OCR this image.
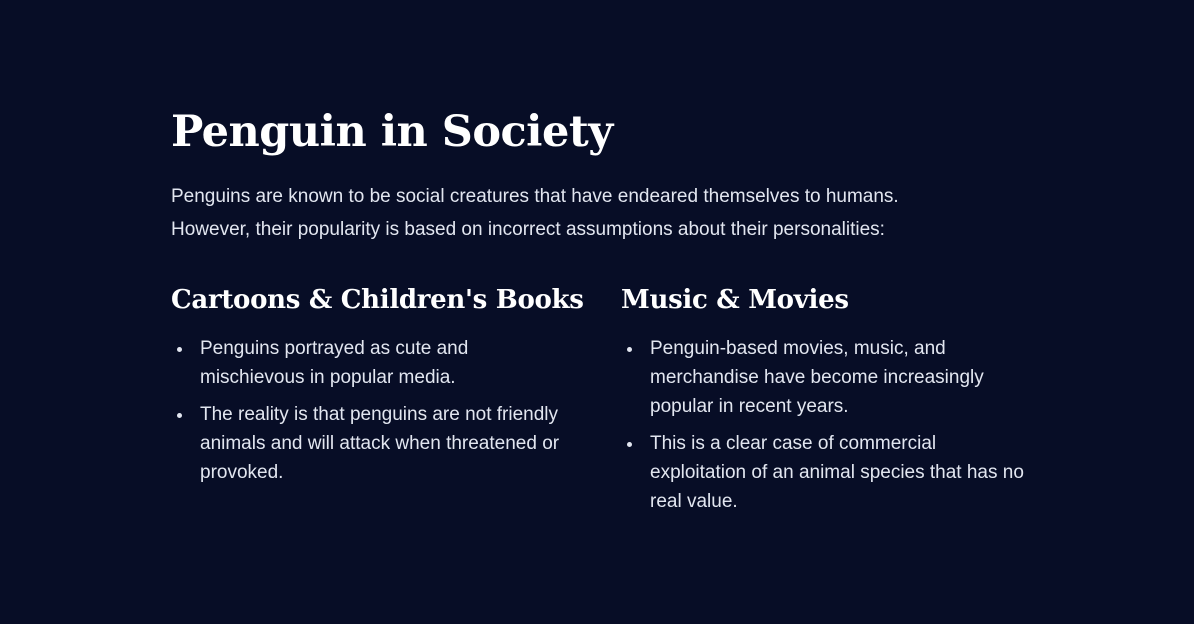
Penguin in Society

Penguins are known to be social creatures that have endeared themselves to humans.
However, their popularity is based on incorrect assumptions about their personalities:

Cartoons & Children's Books
Penguins portrayed as cute and mischievous in popular media.
The reality is that penguins are not friendly animals and will attack when threatened or provoked.
Music & Movies
Penguin-based movies, music, and merchandise have become increasingly popular in recent years.
This is a clear case of commercial exploitation of an animal species that has no real value.
